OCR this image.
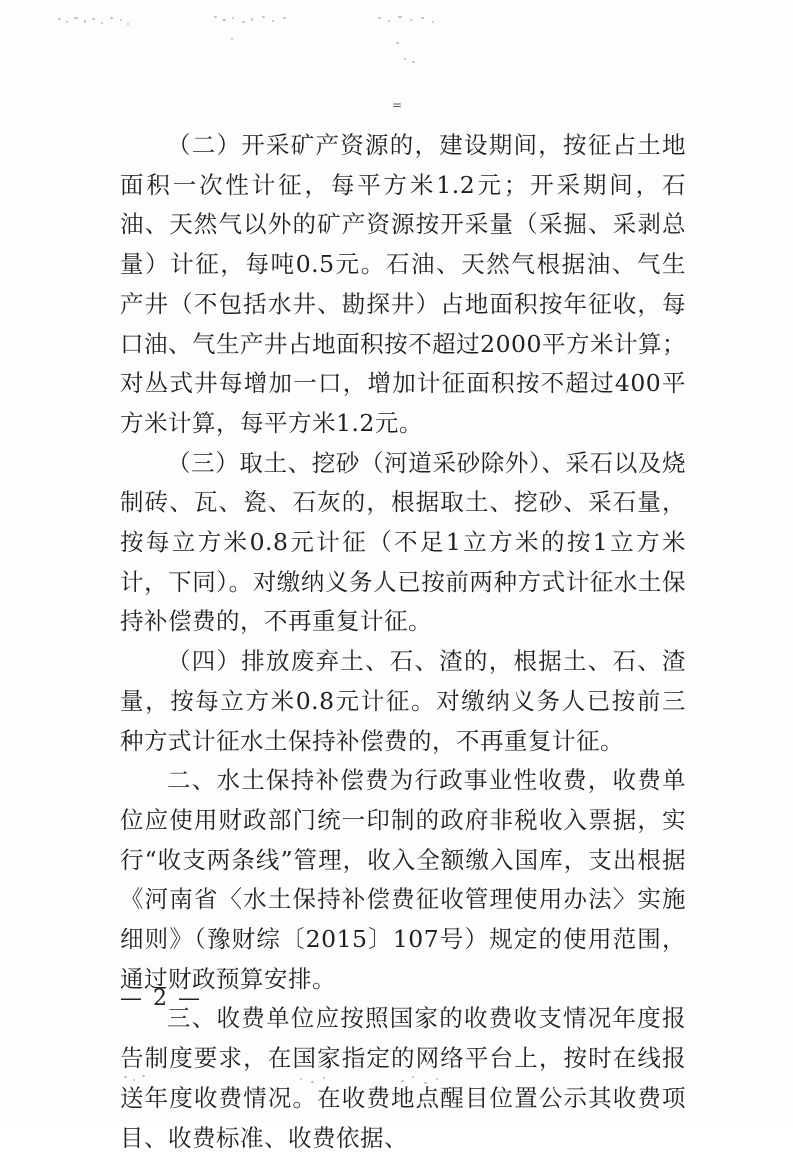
=

（二）开采矿产资源的，建设期间，按征占土地面积一次性计征，每平方米1.2元；开采期间，石油、天然气以外的矿产资源按开采量（采掘、采剥总量）计征，每吨0.5元。石油、天然气根据油、气生产井（不包括水井、勘探井）占地面积按年征收，每口油、气生产井占地面积按不超过2000平方米计算；对丛式井每增加一口，增加计征面积按不超过400平方米计算，每平方米1.2元。

（三）取土、挖砂（河道采砂除外）、采石以及烧制砖、瓦、瓷、石灰的，根据取土、挖砂、采石量，按每立方米0.8元计征（不足1立方米的按1立方米计，下同）。对缴纳义务人已按前两种方式计征水土保持补偿费的，不再重复计征。

（四）排放废弃土、石、渣的，根据土、石、渣量，按每立方米0.8元计征。对缴纳义务人已按前三种方式计征水土保持补偿费的，不再重复计征。

二、水土保持补偿费为行政事业性收费，收费单位应使用财政部门统一印制的政府非税收入票据，实行“收支两条线”管理，收入全额缴入国库，支出根据《河南省〈水土保持补偿费征收管理使用办法〉实施细则》（豫财综〔2015〕107号）规定的使用范围，通过财政预算安排。

三、收费单位应按照国家的收费收支情况年度报告制度要求，在国家指定的网络平台上，按时在线报送年度收费情况。在收费地点醒目位置公示其收费项目、收费标准、收费依据、

— 2 —
